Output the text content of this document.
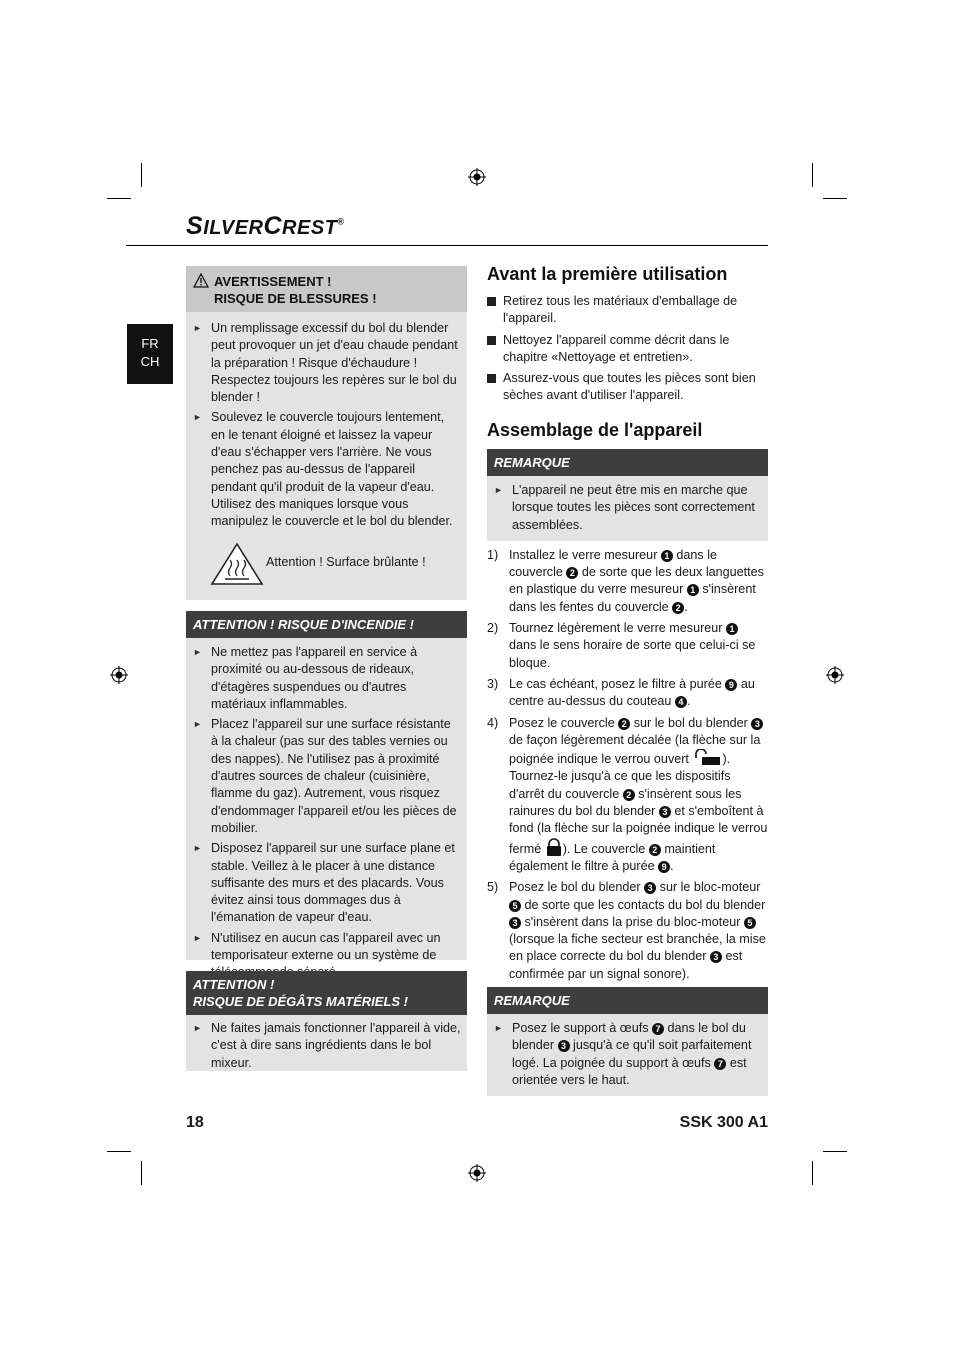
SILVERCREST®
FR
CH
AVERTISSEMENT !
RISQUE DE BLESSURES !
► Un remplissage excessif du bol du blender peut provoquer un jet d'eau chaude pendant la préparation ! Risque d'échaudure ! Respectez toujours les repères sur le bol du blender !
► Soulevez le couvercle toujours lentement, en le tenant éloigné et laissez la vapeur d'eau s'échapper vers l'arrière. Ne vous penchez pas au-dessus de l'appareil pendant qu'il produit de la vapeur d'eau. Utilisez des maniques lorsque vous manipulez le couvercle et le bol du blender.
Attention ! Surface brûlante !
ATTENTION ! RISQUE D'INCENDIE !
► Ne mettez pas l'appareil en service à proximité ou au-dessous de rideaux, d'étagères suspendues ou d'autres matériaux inflammables.
► Placez l'appareil sur une surface résistante à la chaleur (pas sur des tables vernies ou des nappes). Ne l'utilisez pas à proximité d'autres sources de chaleur (cuisinière, flamme du gaz). Autrement, vous risquez d'endommager l'appareil et/ou les pièces de mobilier.
► Disposez l'appareil sur une surface plane et stable. Veillez à le placer à une distance suffisante des murs et des placards. Vous évitez ainsi tous dommages dus à l'émanation de vapeur d'eau.
► N'utilisez en aucun cas l'appareil avec un temporisateur externe ou un système de
ATTENTION !
RISQUE DE DÉGÂTS MATÉRIELS !
► Ne faites jamais fonctionner l'appareil à vide, c'est à dire sans ingrédients dans le bol mixeur.
Avant la première utilisation
Retirez tous les matériaux d'emballage de l'appareil.
Nettoyez l'appareil comme décrit dans le chapitre «Nettoyage et entretien».
Assurez-vous que toutes les pièces sont bien sèches avant d'utiliser l'appareil.
Assemblage de l'appareil
REMARQUE
► L'appareil ne peut être mis en marche que lorsque toutes les pièces sont correctement assemblées.
1) Installez le verre mesureur 1 dans le couvercle 2 de sorte que les deux languettes en plastique du verre mesureur 1 s'insèrent dans les fentes du couvercle 2 .
2) Tournez légèrement le verre mesureur 1 dans le sens horaire de sorte que celui-ci se bloque.
3) Le cas échéant, posez le filtre à purée 9 au centre au-dessus du couteau 4 .
4) Posez le couvercle 2 sur le bol du blender 3 de façon légèrement décalée (la flèche sur la poignée indique le verrou ouvert	). Tournez-le jusqu'à ce que les dispositifs d'arrêt du couvercle 2 s'insèrent sous les rainures du bol du blender 3 et s'emboîtent à fond (la flèche sur la poignée indique le verrou fermé ). Le couvercle 2 maintient également le filtre à purée 9 .
5) Posez le bol du blender 3 sur le bloc-moteur 5 de sorte que les contacts du bol du blender 3 s'insèrent dans la prise du bloc-moteur 5 (lorsque la fiche secteur est branchée, la mise en place correcte du bol du blender 3 est confirmée par un signal sonore).
REMARQUE
► Posez le support à œufs 7 dans le bol du blender 3 jusqu'à ce qu'il soit parfaitement logé. La poignée du support à œufs 7 est orientée vers le haut.
18	SSK 300 A1
